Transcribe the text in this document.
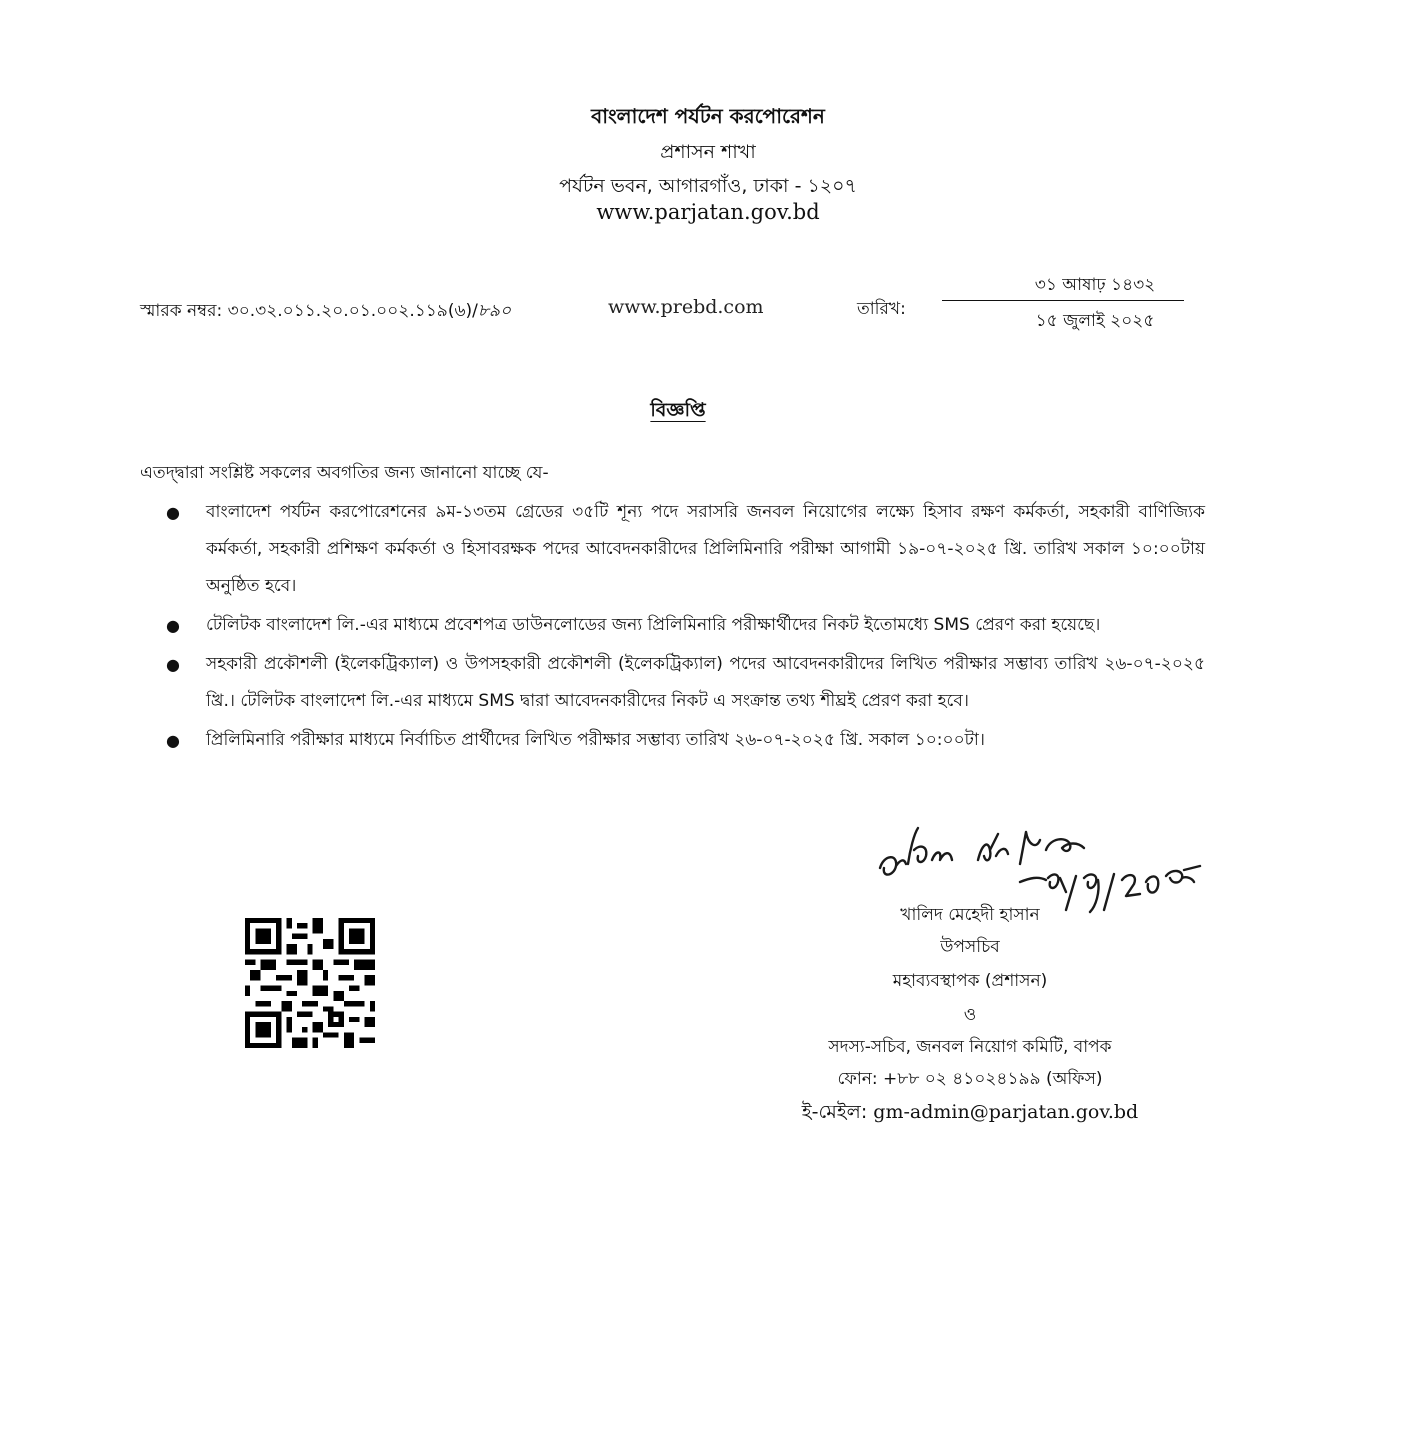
বাংলাদেশ পর্যটন করপোরেশন
প্রশাসন শাখা
পর্যটন ভবন, আগারগাঁও, ঢাকা - ১২০৭
www.parjatan.gov.bd
স্মারক নম্বর: ৩০.৩২.০১১.২০.০১.০০২.১১৯(৬)/৮৯০	www.prebd.com	তারিখ:
৩১ আষাঢ় ১৪৩২
১৫ জুলাই ২০২৫
বিজ্ঞপ্তি
এতদ্দ্বারা সংশ্লিষ্ট সকলের অবগতির জন্য জানানো যাচ্ছে যে-
● বাংলাদেশ পর্যটন করপোরেশনের ৯ম-১৩তম গ্রেডের ৩৫টি শূন্য পদে সরাসরি জনবল নিয়োগের লক্ষ্যে হিসাব রক্ষণ কর্মকর্তা, সহকারী বাণিজ্যিক কর্মকর্তা, সহকারী প্রশিক্ষণ কর্মকর্তা ও হিসাবরক্ষক পদের আবেদনকারীদের প্রিলিমিনারি পরীক্ষা আগামী ১৯-০৭-২০২৫ খ্রি. তারিখ সকাল ১০:০০টায় অনুষ্ঠিত হবে।
● টেলিটক বাংলাদেশ লি.-এর মাধ্যমে প্রবেশপত্র ডাউনলোডের জন্য প্রিলিমিনারি পরীক্ষার্থীদের নিকট ইতোমধ্যে SMS প্রেরণ করা হয়েছে।
● সহকারী প্রকৌশলী (ইলেকট্রিক্যাল) ও উপসহকারী প্রকৌশলী (ইলেকট্রিক্যাল) পদের আবেদনকারীদের লিখিত পরীক্ষার সম্ভাব্য তারিখ ২৬-০৭-২০২৫ খ্রি.। টেলিটক বাংলাদেশ লি.-এর মাধ্যমে SMS দ্বারা আবেদনকারীদের নিকট এ সংক্রান্ত তথ্য শীঘ্রই প্রেরণ করা হবে।
● প্রিলিমিনারি পরীক্ষার মাধ্যমে নির্বাচিত প্রার্থীদের লিখিত পরীক্ষার সম্ভাব্য তারিখ ২৬-০৭-২০২৫ খ্রি. সকাল ১০:০০টা।
খালিদ মেহেদী হাসান
উপসচিব
মহাব্যবস্থাপক (প্রশাসন)
ও
সদস্য-সচিব, জনবল নিয়োগ কমিটি, বাপক
ফোন: +৮৮ ০২ ৪১০২৪১৯৯ (অফিস)
ই-মেইল: gm-admin@parjatan.gov.bd
